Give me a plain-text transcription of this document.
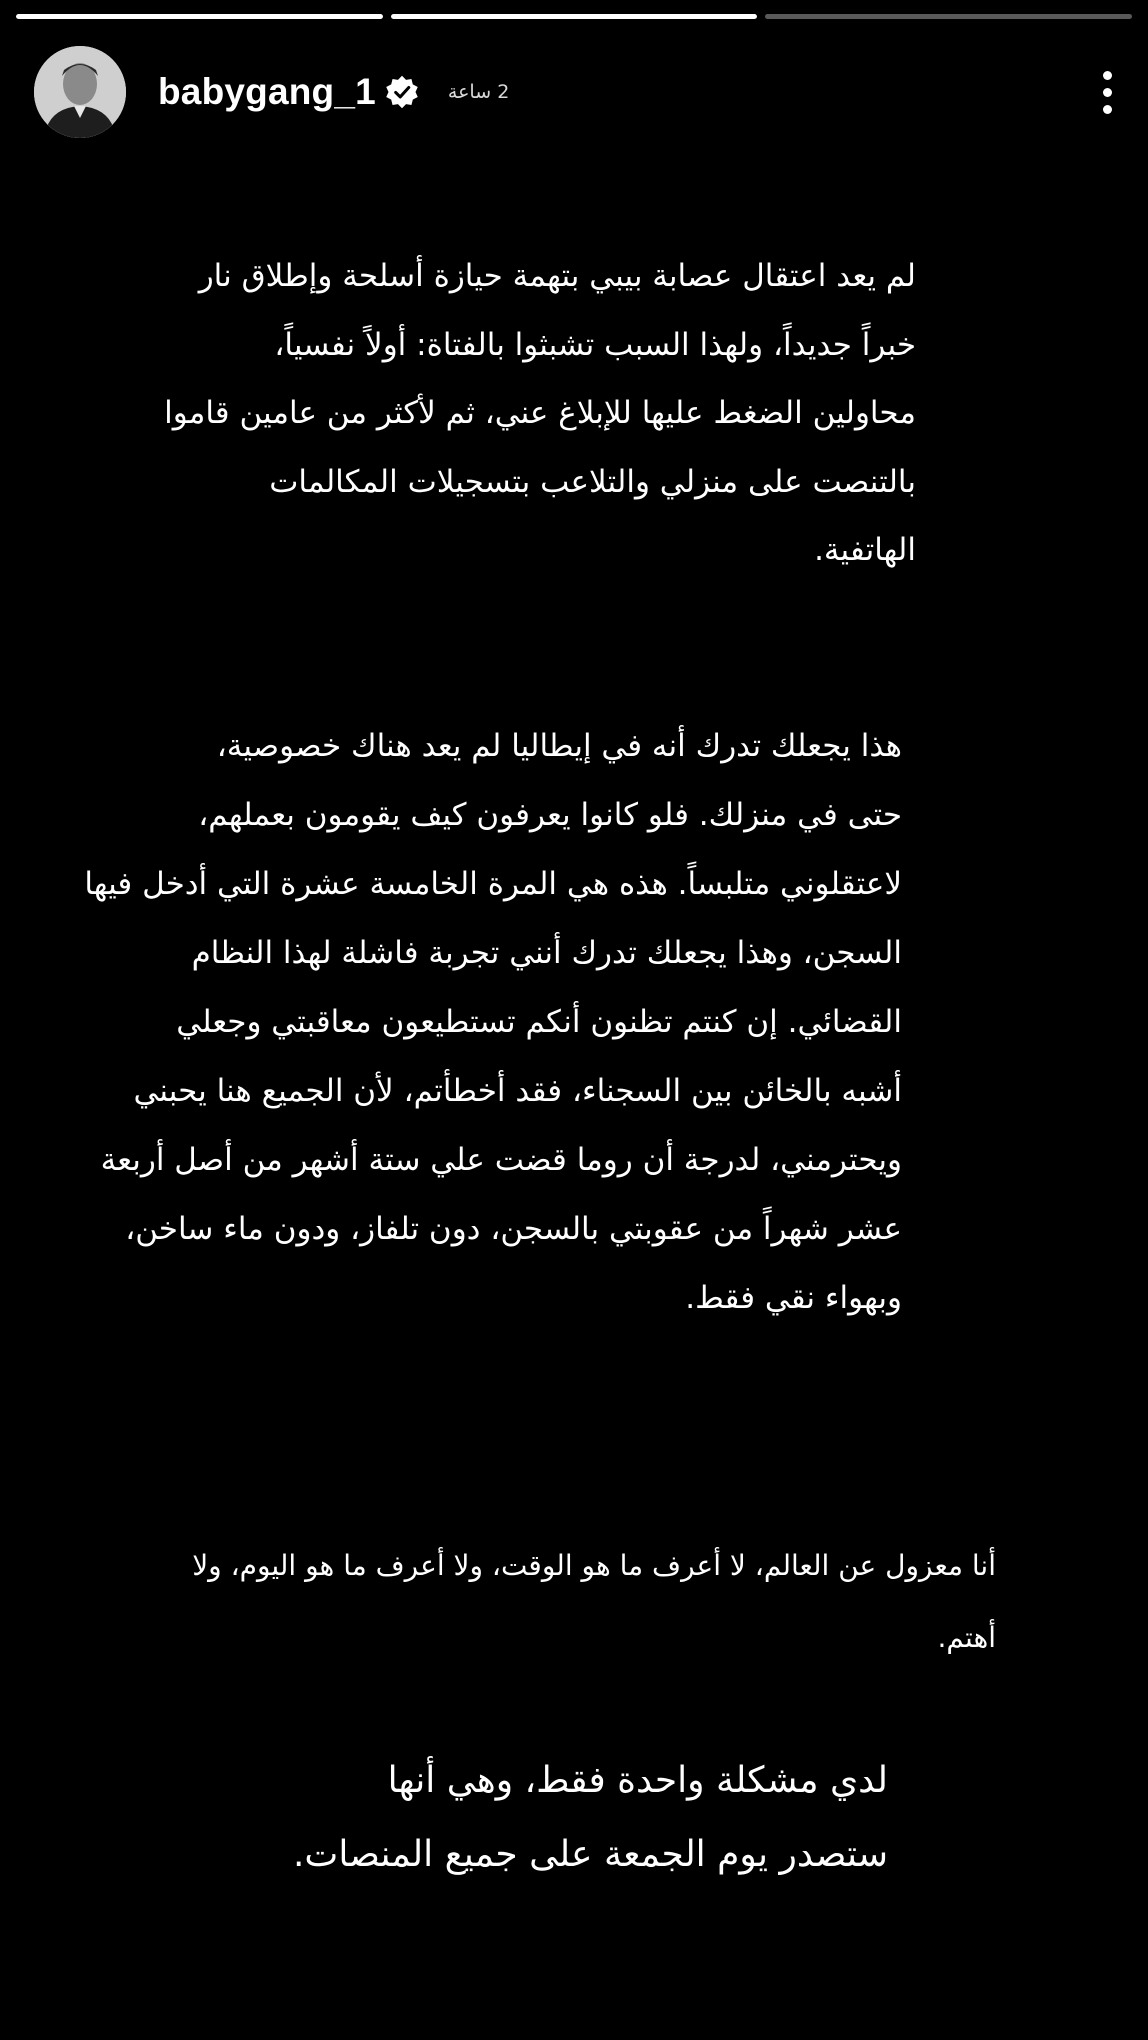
babygang_1	2 ساعة
لم يعد اعتقال عصابة بيبي بتهمة حيازة أسلحة وإطلاق نار
خبراً جديداً، ولهذا السبب تشبثوا بالفتاة: أولاً نفسياً،
محاولين الضغط عليها للإبلاغ عني، ثم لأكثر من عامين قاموا
بالتنصت على منزلي والتلاعب بتسجيلات المكالمات
الهاتفية.
هذا يجعلك تدرك أنه في إيطاليا لم يعد هناك خصوصية،
حتى في منزلك. فلو كانوا يعرفون كيف يقومون بعملهم،
لاعتقلوني متلبساً. هذه هي المرة الخامسة عشرة التي أدخل فيها
السجن، وهذا يجعلك تدرك أنني تجربة فاشلة لهذا النظام
القضائي. إن كنتم تظنون أنكم تستطيعون معاقبتي وجعلي
أشبه بالخائن بين السجناء، فقد أخطأتم، لأن الجميع هنا يحبني
ويحترمني، لدرجة أن روما قضت علي ستة أشهر من أصل أربعة
عشر شهراً من عقوبتي بالسجن، دون تلفاز، ودون ماء ساخن،
وبهواء نقي فقط.
أنا معزول عن العالم، لا أعرف ما هو الوقت، ولا أعرف ما هو اليوم، ولا
أهتم.
لدي مشكلة واحدة فقط، وهي أنها
ستصدر يوم الجمعة على جميع المنصات.
